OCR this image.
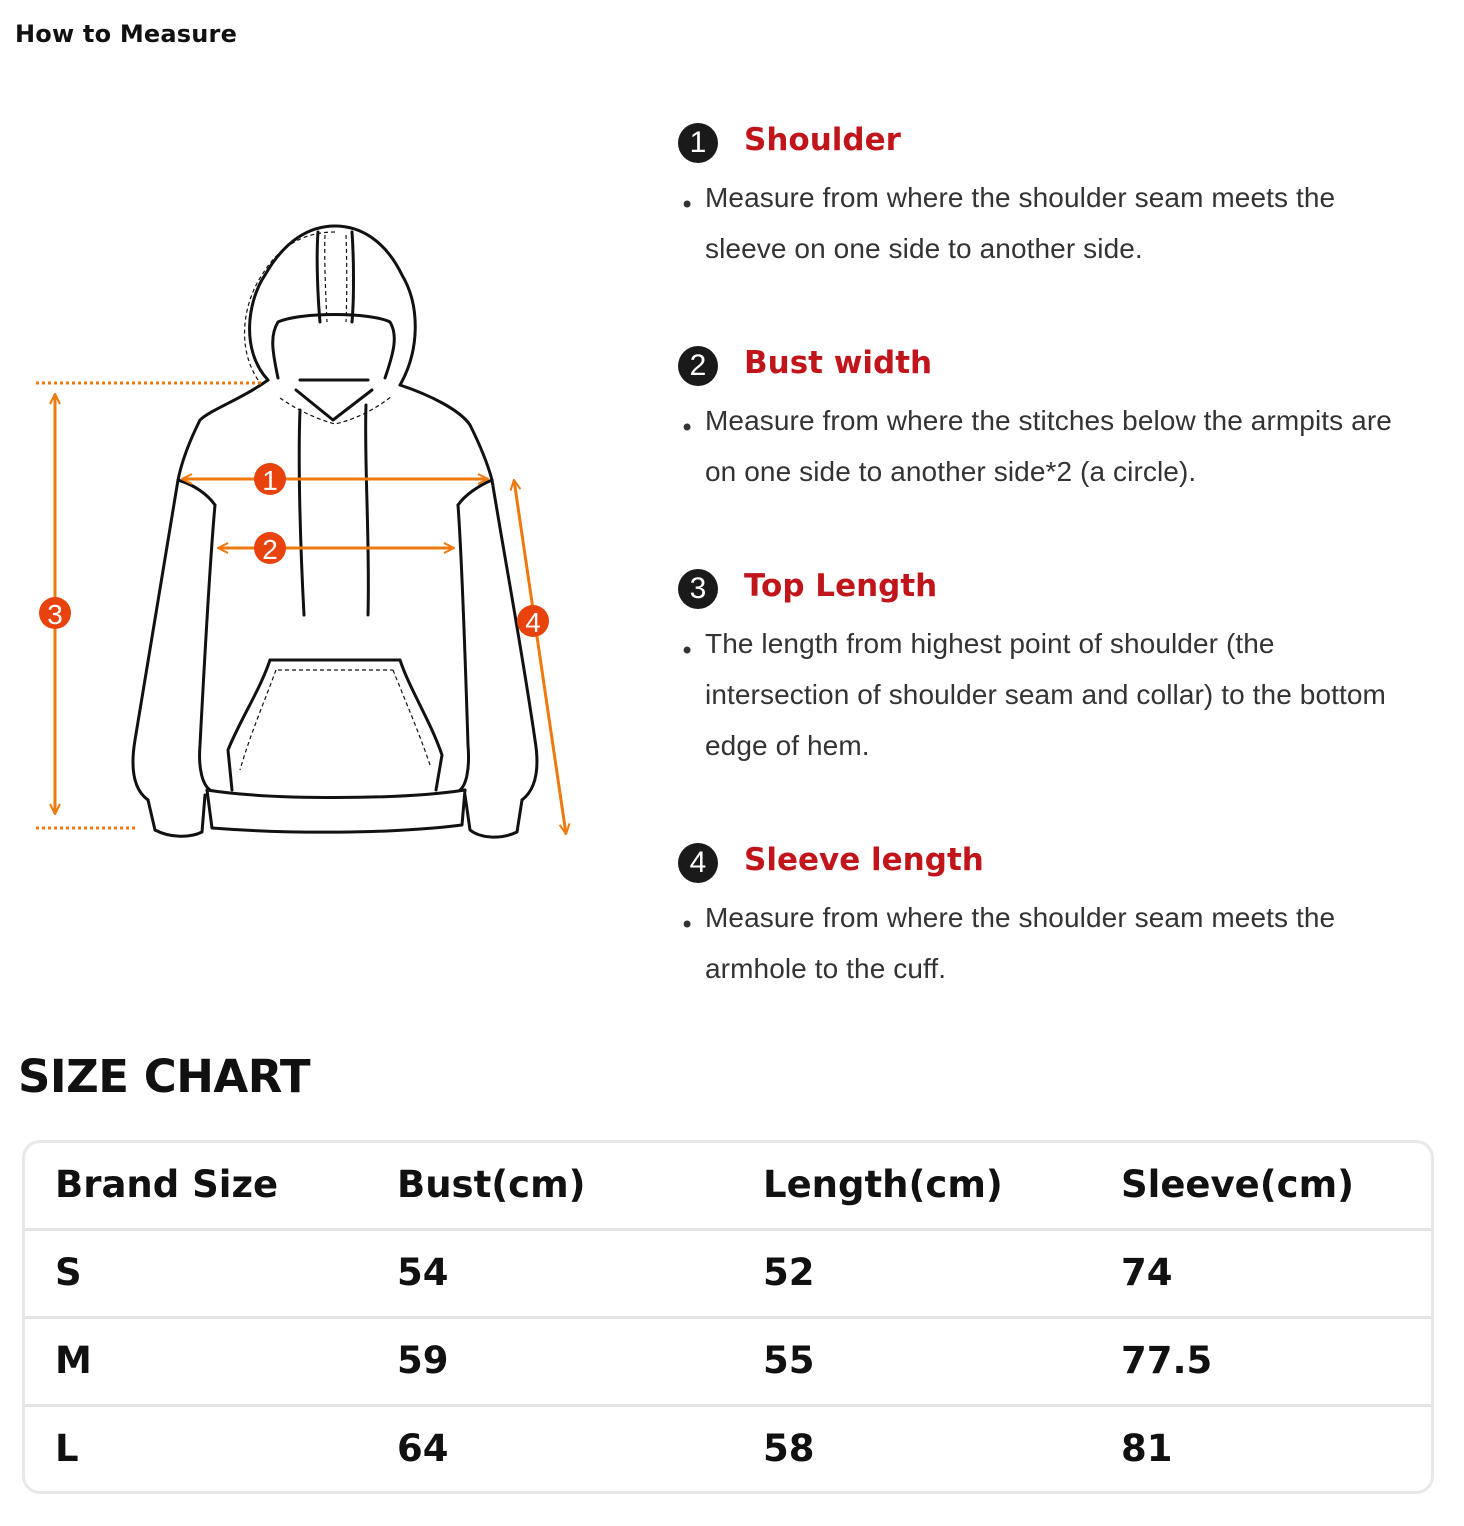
How to Measure
1
2
3	4
1	Shoulder
• Measure from where the shoulder seam meets the
sleeve on one side to another side.
2	Bust width
• Measure from where the stitches below the armpits are
on one side to another side*2 (a circle).
3	Top Length
• The length from highest point of shoulder (the
intersection of shoulder seam and collar) to the bottom
edge of hem.
4	Sleeve length
• Measure from where the shoulder seam meets the
armhole to the cuff.
SIZE CHART
Brand Size	Bust(cm)	Length(cm)	Sleeve(cm)
S	54	52	74
M	59	55	77.5
L	64	58	81
